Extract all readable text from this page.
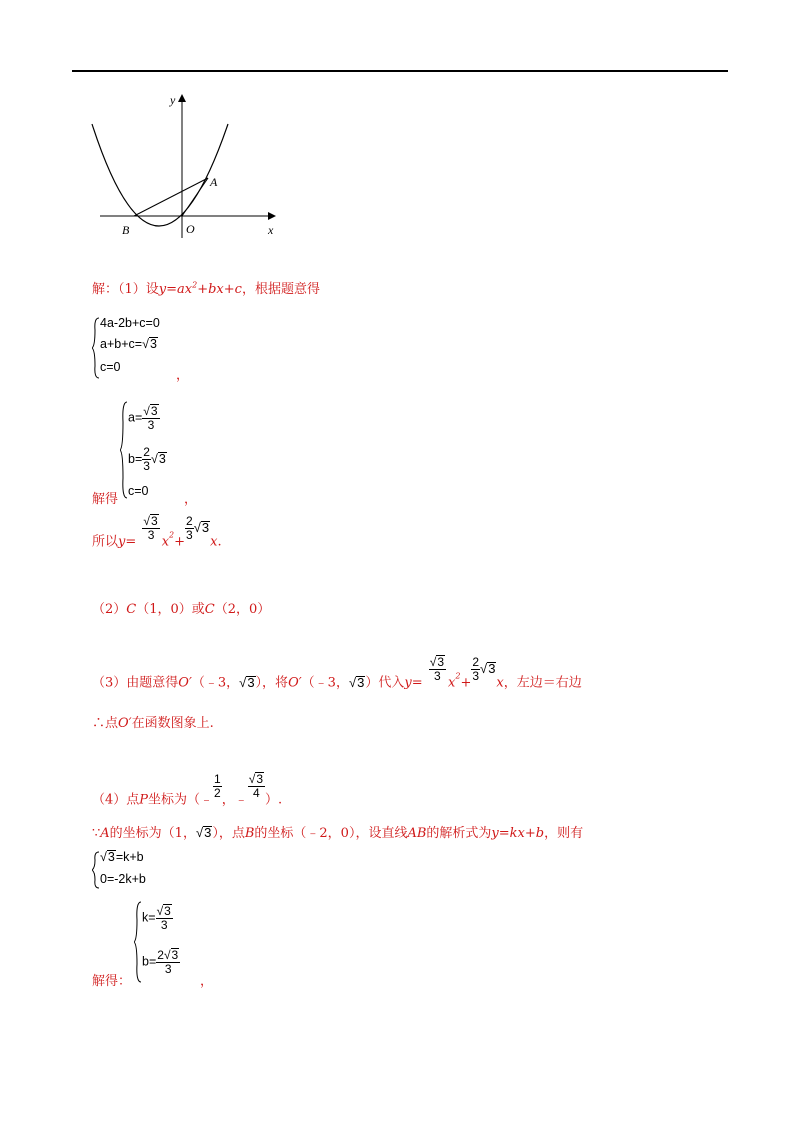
y
x
A
B	O
解：（1）设$y=ax^2+bx+c$，根据题意得
4a-2b+c=0
a+b+c=√3
c=0
，
解得
$a= \frac{√3}{3}$
$b= \frac{2}{3} √3$
c=0
，
所以$y= \frac{√3}{3} x^2+$
$\frac{2}{3} √3x$.
（2）C（1，0）或C（2，0）
（3）由题意得O′（﹣3，√3），将O′（﹣3，√3）代入$y= \frac{√3}{3} x^2+$
$\frac{2}{3} √3x$，左边＝右边
∴点O′在函数图象上.
（4）点P坐标为（﹣
$\frac{1}{2}$
，﹣ $\frac{√3}{4}$ ）.
∵A的坐标为（1，√3），点B的坐标（﹣2，0），设直线AB的解析式为y=kx+b，则有
√3=k+b
0=-2k+b
解得：
$k= \frac{√3}{3}$
$b= \frac{2√3}{3}$
，
